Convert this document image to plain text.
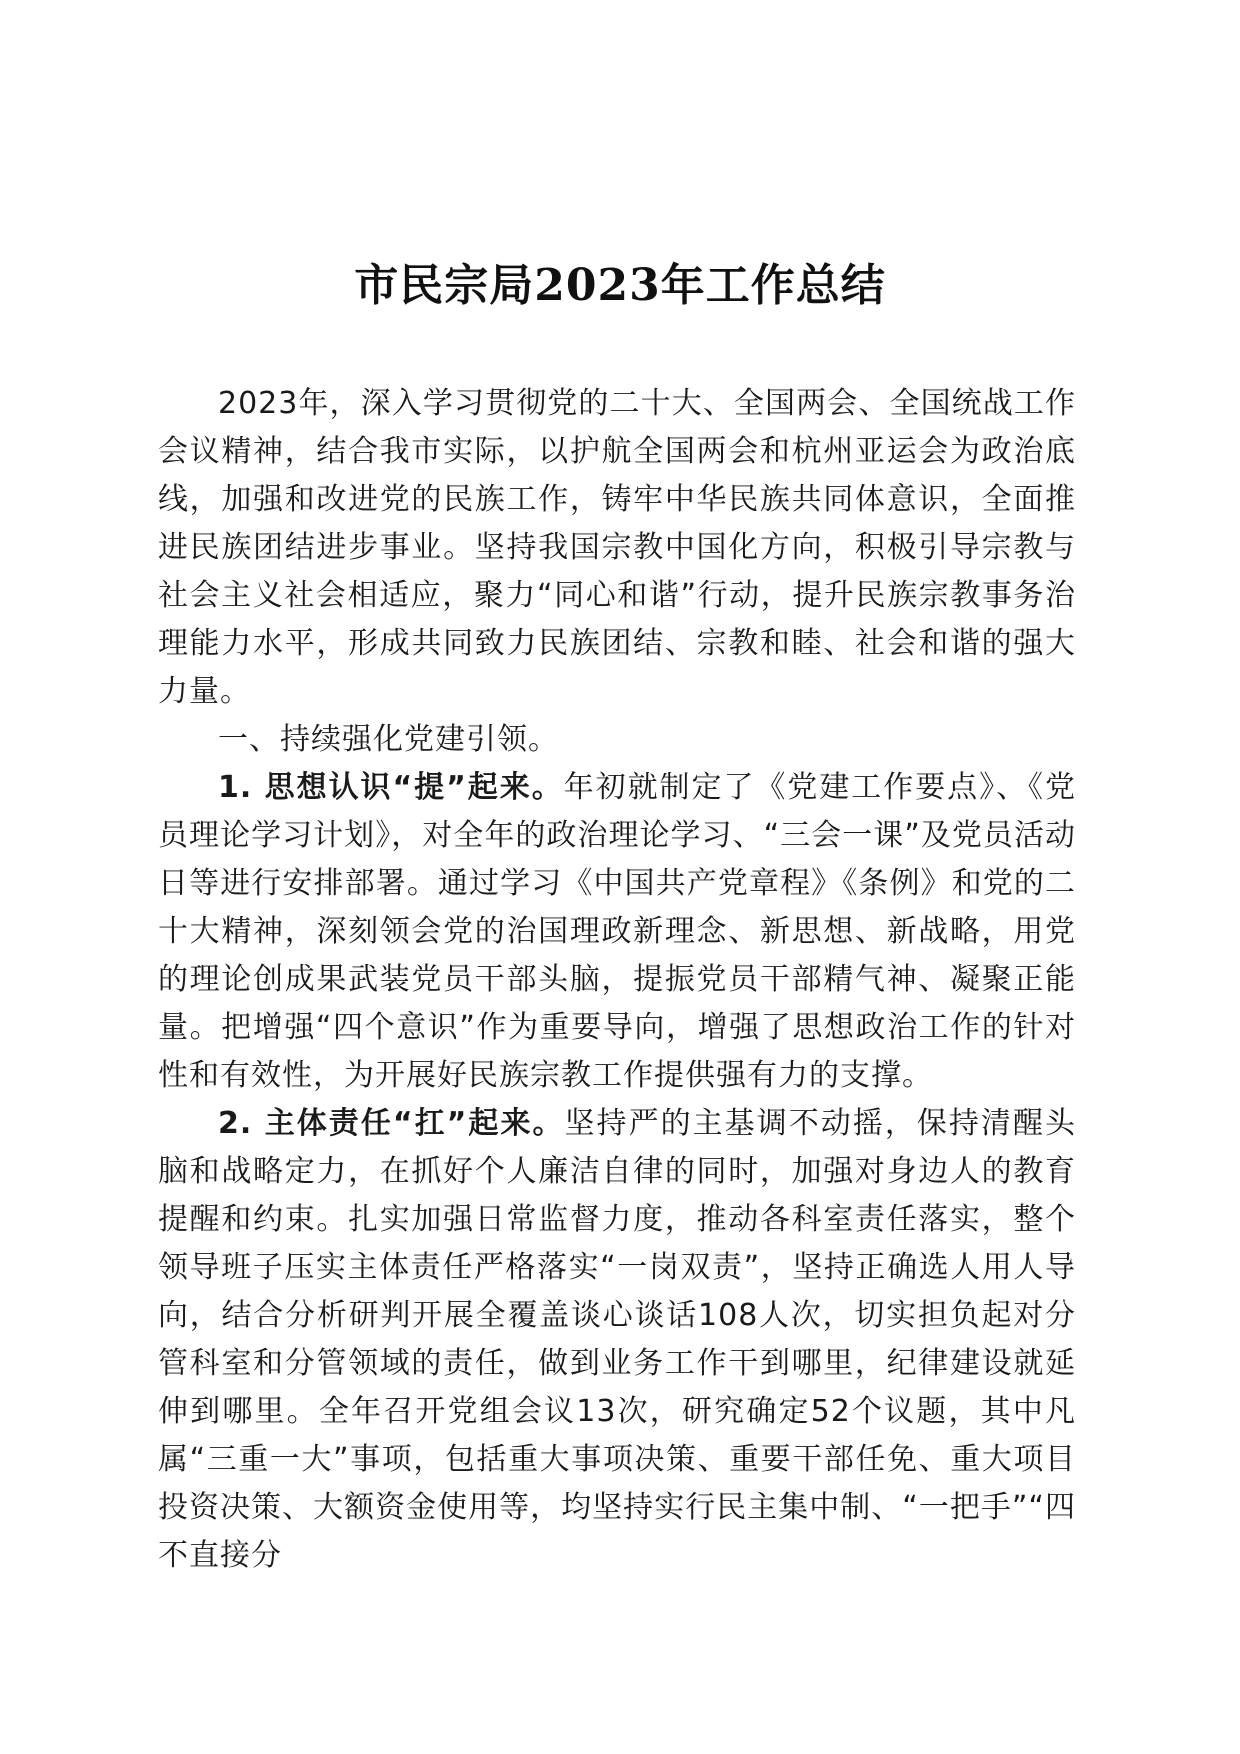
市民宗局2023年工作总结

2023年，深入学习贯彻党的二十大、全国两会、全国统战工作会议精神，结合我市实际，以护航全国两会和杭州亚运会为政治底线，加强和改进党的民族工作，铸牢中华民族共同体意识，全面推进民族团结进步事业。坚持我国宗教中国化方向，积极引导宗教与社会主义社会相适应，聚力“同心和谐”行动，提升民族宗教事务治理能力水平，形成共同致力民族团结、宗教和睦、社会和谐的强大力量。

一、持续强化党建引领。

1. 思想认识“提”起来。年初就制定了《党建工作要点》、《党员理论学习计划》，对全年的政治理论学习、“三会一课”及党员活动日等进行安排部署。通过学习《中国共产党章程》《条例》和党的二十大精神，深刻领会党的治国理政新理念、新思想、新战略，用党的理论创成果武装党员干部头脑，提振党员干部精气神、凝聚正能量。把增强“四个意识”作为重要导向，增强了思想政治工作的针对性和有效性，为开展好民族宗教工作提供强有力的支撑。

2. 主体责任“扛”起来。坚持严的主基调不动摇，保持清醒头脑和战略定力，在抓好个人廉洁自律的同时，加强对身边人的教育提醒和约束。扎实加强日常监督力度，推动各科室责任落实，整个领导班子压实主体责任严格落实“一岗双责”，坚持正确选人用人导向，结合分析研判开展全覆盖谈心谈话108人次，切实担负起对分管科室和分管领域的责任，做到业务工作干到哪里，纪律建设就延伸到哪里。全年召开党组会议13次，研究确定52个议题，其中凡属“三重一大”事项，包括重大事项决策、重要干部任免、重大项目投资决策、大额资金使用等，均坚持实行民主集中制、“一把手”“四不直接分
